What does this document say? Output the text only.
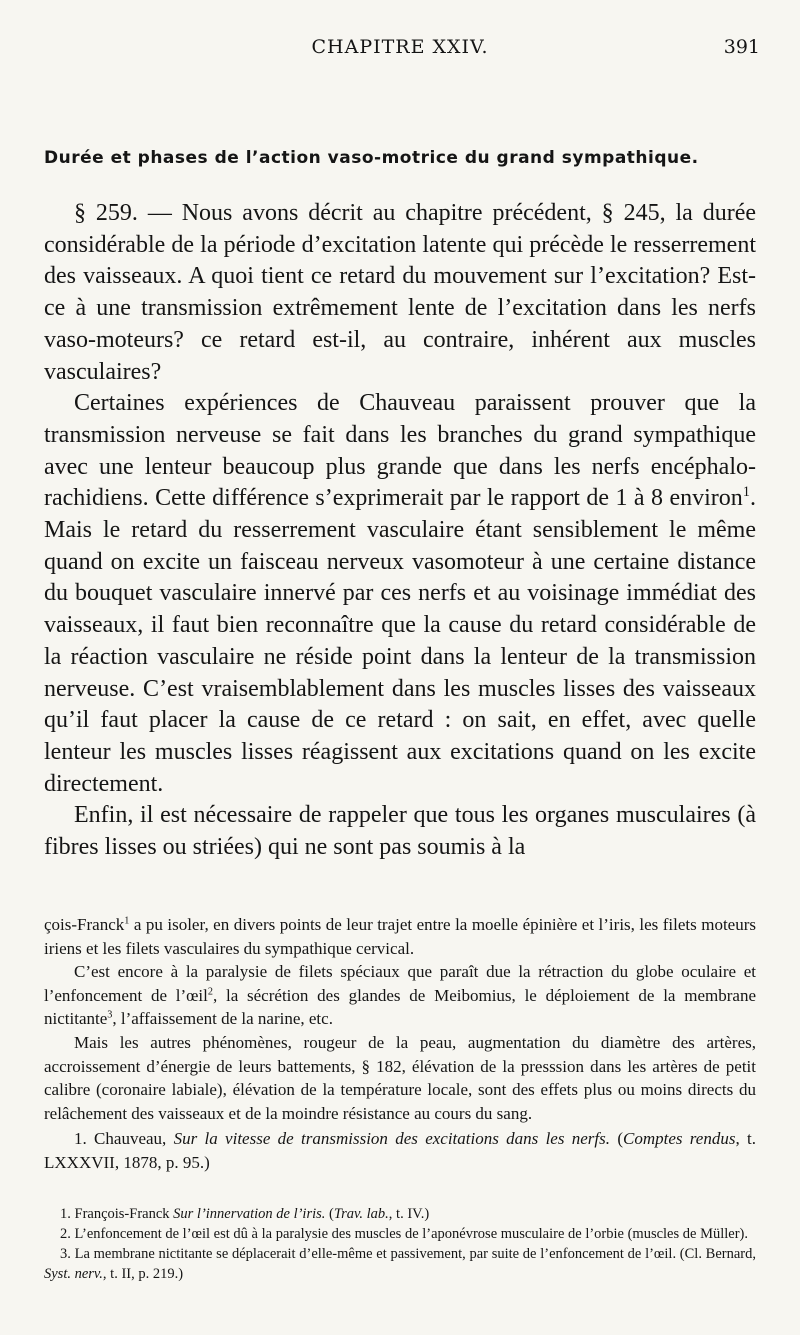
CHAPITRE XXIV.	391
Durée et phases de l’action vaso-motrice du grand sympathique.

§ 259. — Nous avons décrit au chapitre précédent, § 245, la durée considérable de la période d’excitation latente qui précède le resserrement des vaisseaux. A quoi tient ce retard du mouvement sur l’excitation? Est-ce à une transmission extrêmement lente de l’excitation dans les nerfs vaso-moteurs? ce retard est-il, au contraire, inhérent aux muscles vasculaires?

Certaines expériences de Chauveau paraissent prouver que la transmission nerveuse se fait dans les branches du grand sympathique avec une lenteur beaucoup plus grande que dans les nerfs encéphalo-rachidiens. Cette différence s’exprimerait par le rapport de 1 à 8 environ$^1$. Mais le retard du resserrement vasculaire étant sensiblement le même quand on excite un faisceau nerveux vasomoteur à une certaine distance du bouquet vasculaire innervé par ces nerfs et au voisinage immédiat des vaisseaux, il faut bien reconnaître que la cause du retard considérable de la réaction vasculaire ne réside point dans la lenteur de la transmission nerveuse. C’est vraisemblablement dans les muscles lisses des vaisseaux qu’il faut placer la cause de ce retard : on sait, en effet, avec quelle lenteur les muscles lisses réagissent aux excitations quand on les excite directement.

Enfin, il est nécessaire de rappeler que tous les organes musculaires (à fibres lisses ou striées) qui ne sont pas soumis à la

çois-Franck$^1$ a pu isoler, en divers points de leur trajet entre la moelle épinière et l’iris, les filets moteurs iriens et les filets vasculaires du sympathique cervical.

C’est encore à la paralysie de filets spéciaux que paraît due la rétraction du globe oculaire et l’enfoncement de l’œil$^2$, la sécrétion des glandes de Meibomius, le déploiement de la membrane nictitante$^3$, l’affaissement de la narine, etc.

Mais les autres phénomènes, rougeur de la peau, augmentation du diamètre des artères, accroissement d’énergie de leurs battements, § 182, élévation de la presssion dans les artères de petit calibre (coronaire labiale), élévation de la température locale, sont des effets plus ou moins directs du relâchement des vaisseaux et de la moindre résistance au cours du sang.

1. Chauveau, Sur la vitesse de transmission des excitations dans les nerfs. (Comptes rendus, t. LXXXVII, 1878, p. 95.)

1. François-Franck Sur l’innervation de l’iris. (Trav. lab., t. IV.)

2. L’enfoncement de l’œil est dû à la paralysie des muscles de l’aponévrose musculaire de l’orbie (muscles de Müller).

3. La membrane nictitante se déplacerait d’elle-même et passivement, par suite de l’enfoncement de l’œil. (Cl. Bernard, Syst. nerv., t. II, p. 219.)
